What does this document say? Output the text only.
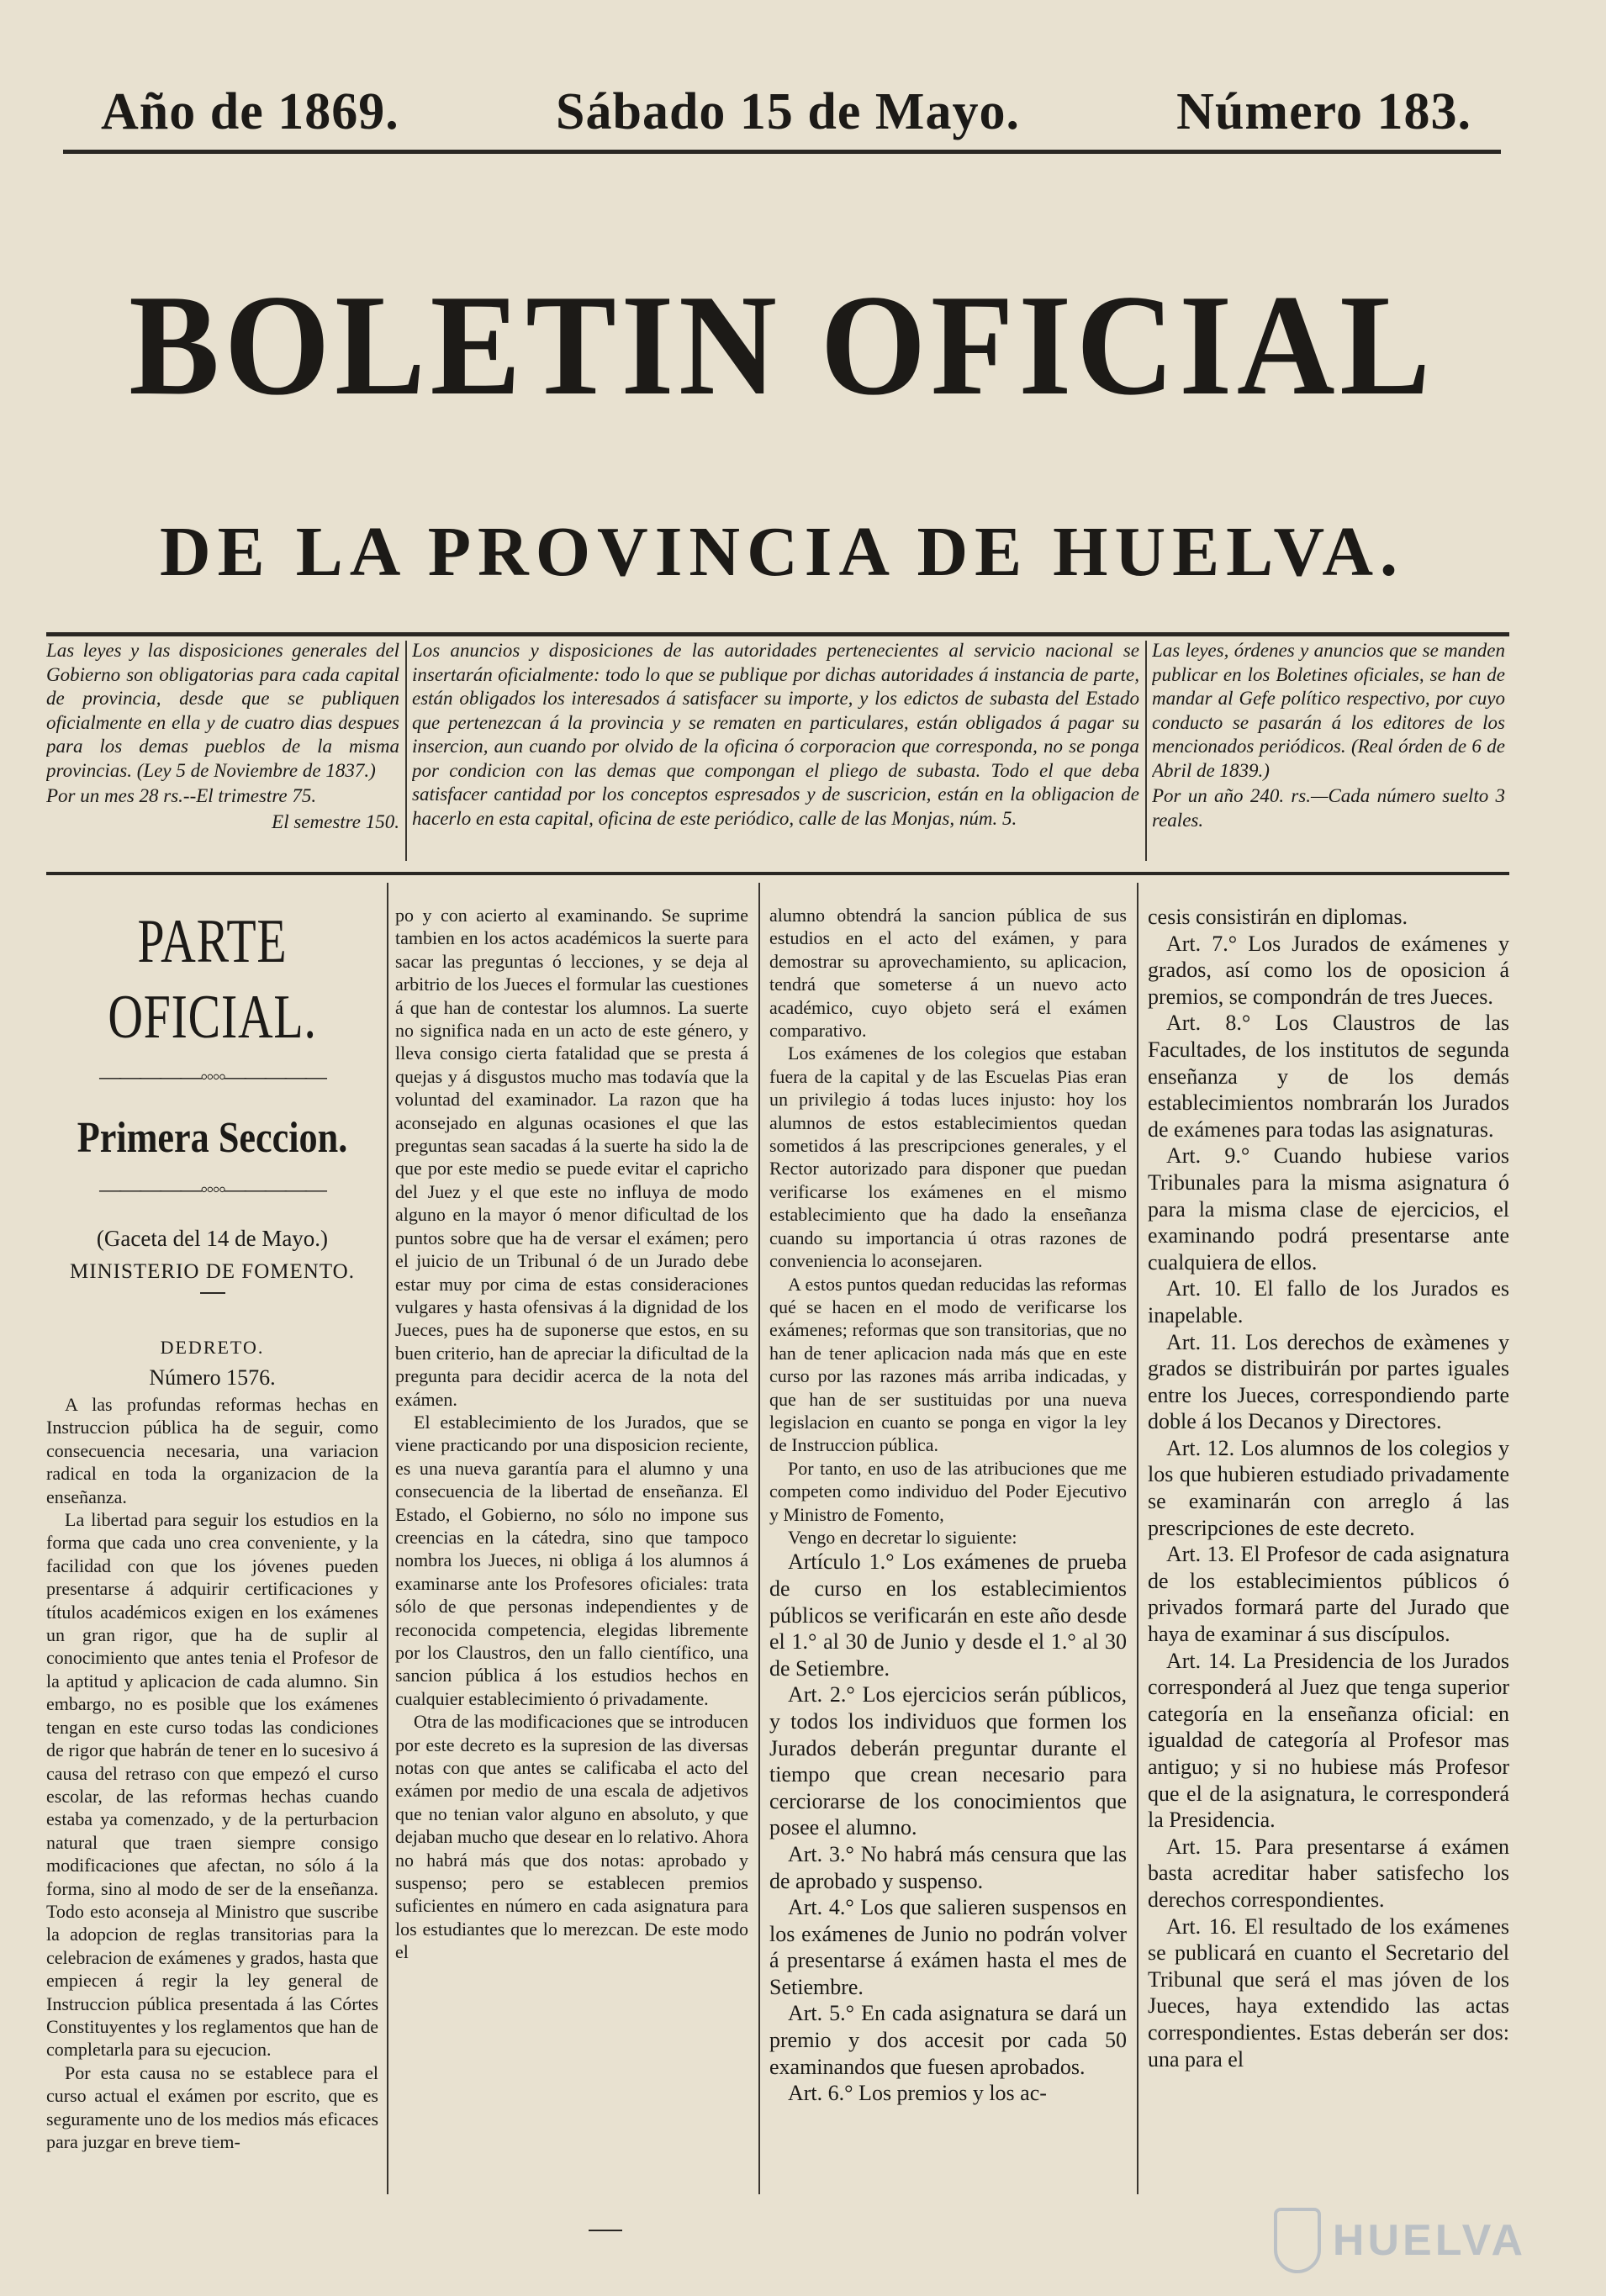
Año de 1869.	Sábado 15 de Mayo.	Número 183.
BOLETIN OFICIAL
DE LA PROVINCIA DE HUELVA.

Las leyes y las disposiciones generales del Gobierno son obligatorias para cada capital de provincia, desde que se publiquen oficialmente en ella y de cuatro dias despues para los demas pueblos de la misma provincias. (Ley 5 de Noviembre de 1837.)

Por un mes 28 rs.--El trimestre 75.

El semestre 150.

Los anuncios y disposiciones de las autoridades pertenecientes al servicio nacional se insertarán oficialmente: todo lo que se publique por dichas autoridades á instancia de parte, están obligados los interesados á satisfacer su importe, y los edictos de subasta del Estado que pertenezcan á la provincia y se rematen en particulares, están obligados á pagar su insercion, aun cuando por olvido de la oficina ó corporacion que corresponda, no se ponga por condicion con las demas que compongan el pliego de subasta. Todo el que deba satisfacer cantidad por los conceptos espresados y de suscricion, están en la obligacion de hacerlo en esta capital, oficina de este periódico, calle de las Monjas, núm. 5.

Las leyes, órdenes y anuncios que se manden publicar en los Boletines oficiales, se han de mandar al Gefe político respectivo, por cuyo conducto se pasarán á los editores de los mencionados periódicos. (Real órden de 6 de Abril de 1839.)

Por un año 240. rs.—Cada número suelto 3 reales.

PARTE OFICIAL.
—————◦◦◦◦—————
Primera Seccion.
—————◦◦◦◦—————

(Gaceta del 14 de Mayo.)

MINISTERIO DE FOMENTO.

DEDRETO.

Número 1576.

A las profundas reformas hechas en Instruccion pública ha de seguir, como consecuencia necesaria, una variacion radical en toda la organizacion de la enseñanza.

La libertad para seguir los estudios en la forma que cada uno crea conveniente, y la facilidad con que los jóvenes pueden presentarse á adquirir certificaciones y títulos académicos exigen en los exámenes un gran rigor, que ha de suplir al conocimiento que antes tenia el Profesor de la aptitud y aplicacion de cada alumno. Sin embargo, no es posible que los exámenes tengan en este curso todas las condiciones de rigor que habrán de tener en lo sucesivo á causa del retraso con que empezó el curso escolar, de las reformas hechas cuando estaba ya comenzado, y de la perturbacion natural que traen siempre consigo modificaciones que afectan, no sólo á la forma, sino al modo de ser de la enseñanza. Todo esto aconseja al Ministro que suscribe la adopcion de reglas transitorias para la celebracion de exámenes y grados, hasta que empiecen á regir la ley general de Instruccion pública presentada á las Córtes Constituyentes y los reglamentos que han de completarla para su ejecucion.

Por esta causa no se establece para el curso actual el exámen por escrito, que es seguramente uno de los medios más eficaces para juzgar en breve tiem-

po y con acierto al examinando. Se suprime tambien en los actos académicos la suerte para sacar las preguntas ó lecciones, y se deja al arbitrio de los Jueces el formular las cuestiones á que han de contestar los alumnos. La suerte no significa nada en un acto de este género, y lleva consigo cierta fatalidad que se presta á quejas y á disgustos mucho mas todavía que la voluntad del examinador. La razon que ha aconsejado en algunas ocasiones el que las preguntas sean sacadas á la suerte ha sido la de que por este medio se puede evitar el capricho del Juez y el que este no influya de modo alguno en la mayor ó menor dificultad de los puntos sobre que ha de versar el exámen; pero el juicio de un Tribunal ó de un Jurado debe estar muy por cima de estas consideraciones vulgares y hasta ofensivas á la dignidad de los Jueces, pues ha de suponerse que estos, en su buen criterio, han de apreciar la dificultad de la pregunta para decidir acerca de la nota del exámen.

El establecimiento de los Jurados, que se viene practicando por una disposicion reciente, es una nueva garantía para el alumno y una consecuencia de la libertad de enseñanza. El Estado, el Gobierno, no sólo no impone sus creencias en la cátedra, sino que tampoco nombra los Jueces, ni obliga á los alumnos á examinarse ante los Profesores oficiales: trata sólo de que personas independientes y de reconocida competencia, elegidas libremente por los Claustros, den un fallo científico, una sancion pública á los estudios hechos en cualquier establecimiento ó privadamente.

Otra de las modificaciones que se introducen por este decreto es la supresion de las diversas notas con que antes se calificaba el acto del exámen por medio de una escala de adjetivos que no tenian valor alguno en absoluto, y que dejaban mucho que desear en lo relativo. Ahora no habrá más que dos notas: aprobado y suspenso; pero se establecen premios suficientes en número en cada asignatura para los estudiantes que lo merezcan. De este modo el

alumno obtendrá la sancion pública de sus estudios en el acto del exámen, y para demostrar su aprovechamiento, su aplicacion, tendrá que someterse á un nuevo acto académico, cuyo objeto será el exámen comparativo.

Los exámenes de los colegios que estaban fuera de la capital y de las Escuelas Pias eran un privilegio á todas luces injusto: hoy los alumnos de estos establecimientos quedan sometidos á las prescripciones generales, y el Rector autorizado para disponer que puedan verificarse los exámenes en el mismo establecimiento que ha dado la enseñanza cuando su importancia ú otras razones de conveniencia lo aconsejaren.

A estos puntos quedan reducidas las reformas qué se hacen en el modo de verificarse los exámenes; reformas que son transitorias, que no han de tener aplicacion nada más que en este curso por las razones más arriba indicadas, y que han de ser sustituidas por una nueva legislacion en cuanto se ponga en vigor la ley de Instruccion pública.

Por tanto, en uso de las atribuciones que me competen como individuo del Poder Ejecutivo y Ministro de Fomento,

Vengo en decretar lo siguiente:

Artículo 1.° Los exámenes de prueba de curso en los establecimientos públicos se verificarán en este año desde el 1.° al 30 de Junio y desde el 1.° al 30 de Setiembre.

Art. 2.° Los ejercicios serán públicos, y todos los individuos que formen los Jurados deberán preguntar durante el tiempo que crean necesario para cerciorarse de los conocimientos que posee el alumno.

Art. 3.° No habrá más censura que las de aprobado y suspenso.

Art. 4.° Los que salieren suspensos en los exámenes de Junio no podrán volver á presentarse á exámen hasta el mes de Setiembre.

Art. 5.° En cada asignatura se dará un premio y dos accesit por cada 50 examinandos que fuesen aprobados.

Art. 6.° Los premios y los ac-

cesis consistirán en diplomas.

Art. 7.° Los Jurados de exámenes y grados, así como los de oposicion á premios, se compondrán de tres Jueces.

Art. 8.° Los Claustros de las Facultades, de los institutos de segunda enseñanza y de los demás establecimientos nombrarán los Jurados de exámenes para todas las asignaturas.

Art. 9.° Cuando hubiese varios Tribunales para la misma asignatura ó para la misma clase de ejercicios, el examinando podrá presentarse ante cualquiera de ellos.

Art. 10. El fallo de los Jurados es inapelable.

Art. 11. Los derechos de exàmenes y grados se distribuirán por partes iguales entre los Jueces, correspondiendo parte doble á los Decanos y Directores.

Art. 12. Los alumnos de los colegios y los que hubieren estudiado privadamente se examinarán con arreglo á las prescripciones de este decreto.

Art. 13. El Profesor de cada asignatura de los establecimientos públicos ó privados formará parte del Jurado que haya de examinar á sus discípulos.

Art. 14. La Presidencia de los Jurados corresponderá al Juez que tenga superior categoría en la enseñanza oficial: en igualdad de categoría al Profesor mas antiguo; y si no hubiese más Profesor que el de la asignatura, le corresponderá la Presidencia.

Art. 15. Para presentarse á exámen basta acreditar haber satisfecho los derechos correspondientes.

Art. 16. El resultado de los exámenes se publicará en cuanto el Secretario del Tribunal que será el mas jóven de los Jueces, haya extendido las actas correspondientes. Estas deberán ser dos: una para el

HUELVA
